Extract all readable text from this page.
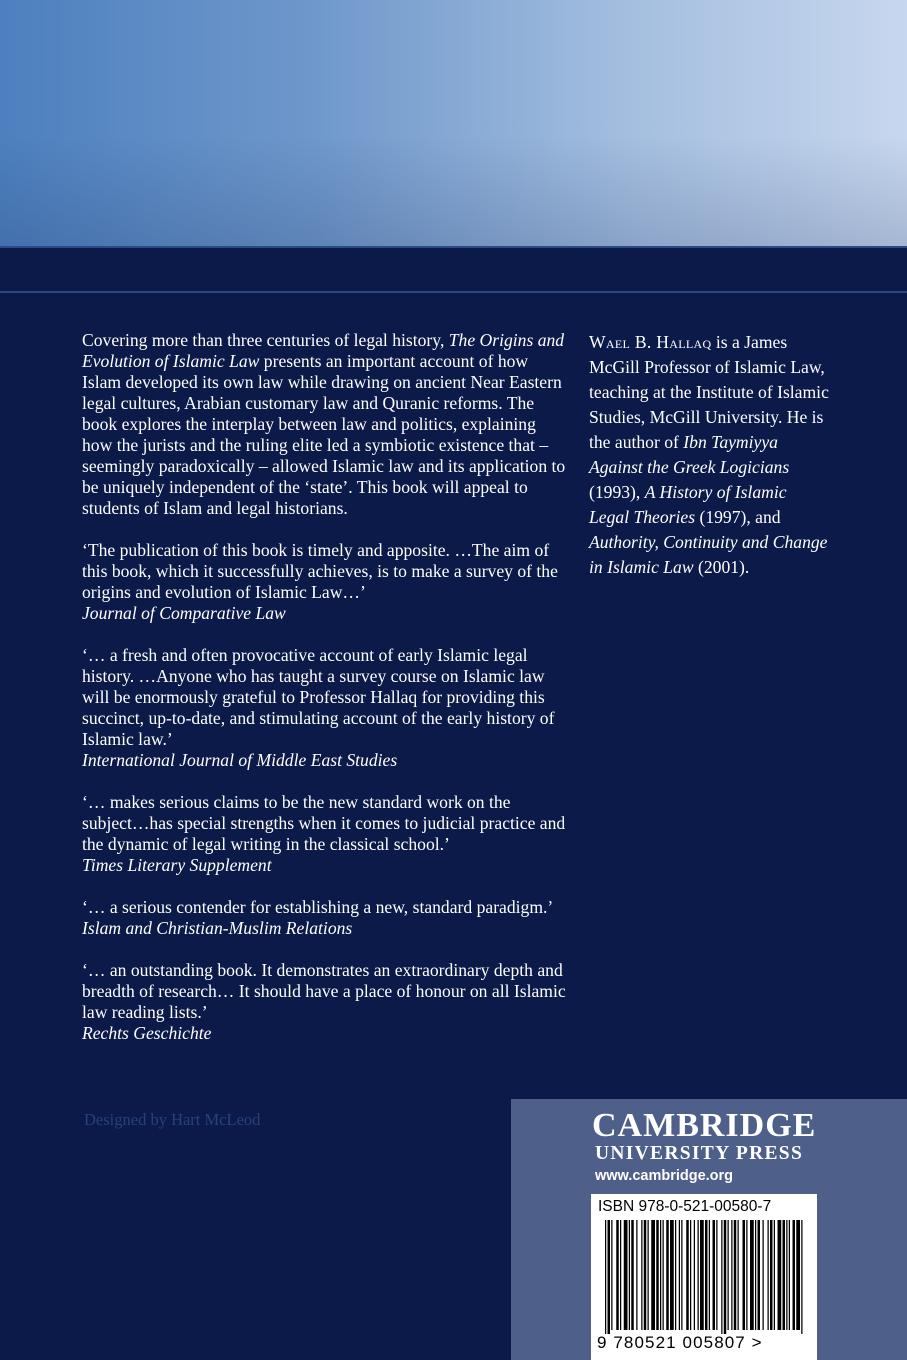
Covering more than three centuries of legal history, The Origins and Evolution of Islamic Law presents an important account of how Islam developed its own law while drawing on ancient Near Eastern legal cultures, Arabian customary law and Quranic reforms. The book explores the interplay between law and politics, explaining how the jurists and the ruling elite led a symbiotic existence that – seemingly paradoxically – allowed Islamic law and its application to be uniquely independent of the ‘state’. This book will appeal to students of Islam and legal historians.

‘The publication of this book is timely and apposite. …The aim of this book, which it successfully achieves, is to make a survey of the origins and evolution of Islamic Law…’
Journal of Comparative Law

‘… a fresh and often provocative account of early Islamic legal history. …Anyone who has taught a survey course on Islamic law will be enormously grateful to Professor Hallaq for providing this succinct, up-to-date, and stimulating account of the early history of Islamic law.’
International Journal of Middle East Studies

‘… makes serious claims to be the new standard work on the subject…has special strengths when it comes to judicial practice and the dynamic of legal writing in the classical school.’
Times Literary Supplement

‘… a serious contender for establishing a new, standard paradigm.’
Islam and Christian-Muslim Relations

‘… an outstanding book. It demonstrates an extraordinary depth and breadth of research… It should have a place of honour on all Islamic law reading lists.’
Rechts Geschichte

Wael B. Hallaq is a James McGill Professor of Islamic Law, teaching at the Institute of Islamic Studies, McGill University. He is the author of Ibn Taymiyya Against the Greek Logicians (1993), A History of Islamic Legal Theories (1997), and Authority, Continuity and Change in Islamic Law (2001).
Designed by Hart McLeod	CAMBRIDGE
UNIVERSITY PRESS
www.cambridge.org
ISBN 978-0-521-00580-7
9 780521 005807 >
